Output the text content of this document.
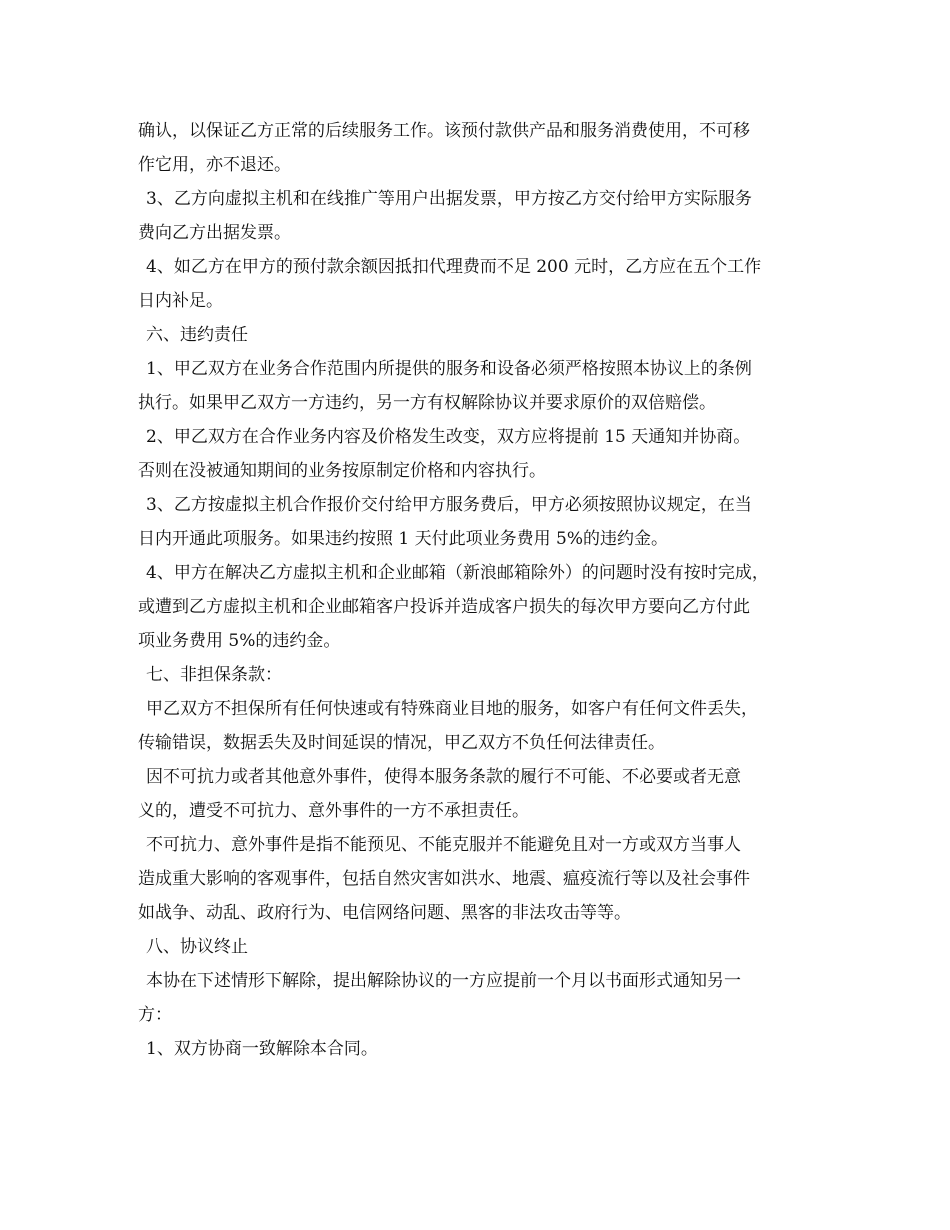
确认，以保证乙方正常的后续服务工作。该预付款供产品和服务消费使用，不可移
作它用，亦不退还。
3、乙方向虚拟主机和在线推广等用户出据发票，甲方按乙方交付给甲方实际服务
费向乙方出据发票。
4、如乙方在甲方的预付款余额因抵扣代理费而不足 200 元时，乙方应在五个工作
日内补足。
六、违约责任
1、甲乙双方在业务合作范围内所提供的服务和设备必须严格按照本协议上的条例
执行。如果甲乙双方一方违约，另一方有权解除协议并要求原价的双倍赔偿。
2、甲乙双方在合作业务内容及价格发生改变，双方应将提前 15 天通知并协商。
否则在没被通知期间的业务按原制定价格和内容执行。
3、乙方按虚拟主机合作报价交付给甲方服务费后，甲方必须按照协议规定，在当
日内开通此项服务。如果违约按照 1 天付此项业务费用 5%的违约金。
4、甲方在解决乙方虚拟主机和企业邮箱（新浪邮箱除外）的问题时没有按时完成，
或遭到乙方虚拟主机和企业邮箱客户投诉并造成客户损失的每次甲方要向乙方付此
项业务费用 5%的违约金。
七、非担保条款：
甲乙双方不担保所有任何快速或有特殊商业目地的服务，如客户有任何文件丢失，
传输错误，数据丢失及时间延误的情况，甲乙双方不负任何法律责任。
因不可抗力或者其他意外事件，使得本服务条款的履行不可能、不必要或者无意
义的，遭受不可抗力、意外事件的一方不承担责任。
不可抗力、意外事件是指不能预见、不能克服并不能避免且对一方或双方当事人
造成重大影响的客观事件，包括自然灾害如洪水、地震、瘟疫流行等以及社会事件
如战争、动乱、政府行为、电信网络问题、黑客的非法攻击等等。
八、协议终止
本协在下述情形下解除，提出解除协议的一方应提前一个月以书面形式通知另一
方：
1、双方协商一致解除本合同。
